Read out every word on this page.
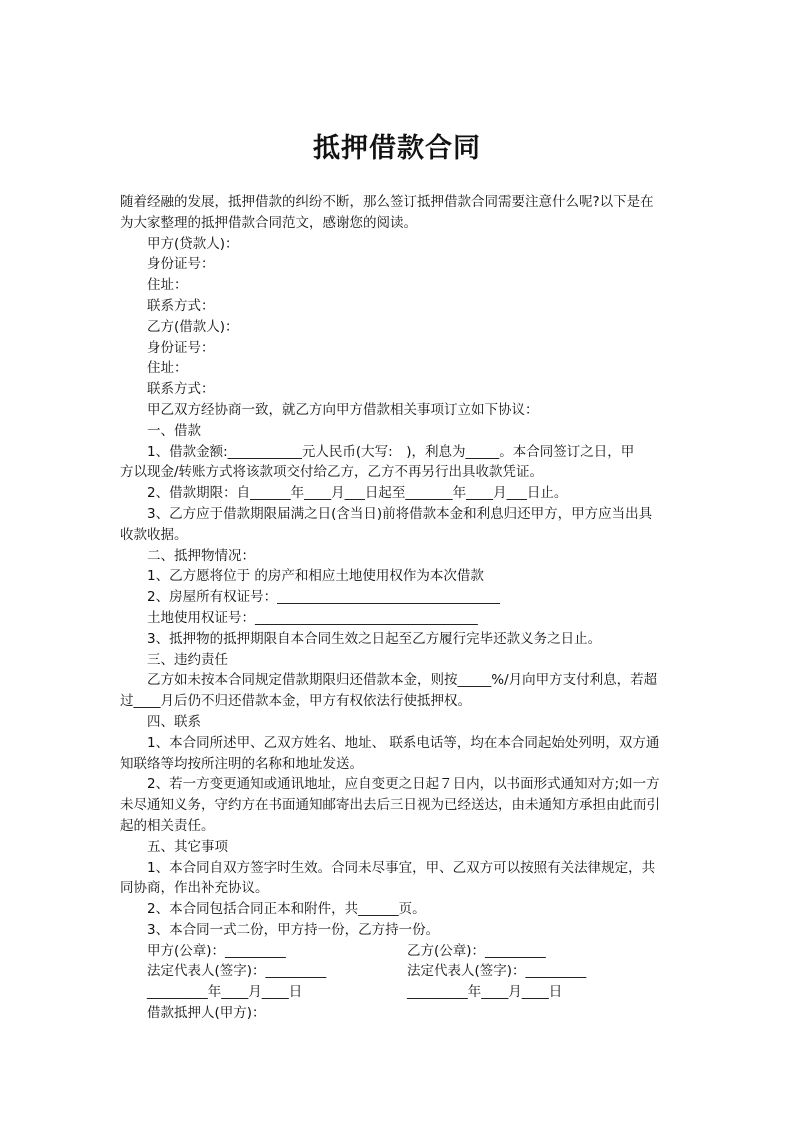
抵押借款合同

随着经融的发展，抵押借款的纠纷不断，那么签订抵押借款合同需要注意什么呢?以下是在

为大家整理的抵押借款合同范文，感谢您的阅读。

甲方(贷款人)：

身份证号：

住址：

联系方式：

乙方(借款人)：

身份证号：

住址：

联系方式：

甲乙双方经协商一致，就乙方向甲方借款相关事项订立如下协议：

一、借款

1、借款金额:___________元人民币(大写:　)，利息为_____。本合同签订之日，甲

方以现金/转账方式将该款项交付给乙方，乙方不再另行出具收款凭证。

2、借款期限：自______年____月___日起至_______年____月___日止。

3、乙方应于借款期限届满之日(含当日)前将借款本金和利息归还甲方，甲方应当出具

收款收据。

二、抵押物情况：

1、乙方愿将位于 的房产和相应土地使用权作为本次借款

2、房屋所有权证号：_________________________________

土地使用权证号：_________________________________

3、抵押物的抵押期限自本合同生效之日起至乙方履行完毕还款义务之日止。

三、违约责任

乙方如未按本合同规定借款期限归还借款本金，则按_____%/月向甲方支付利息，若超

过____月后仍不归还借款本金，甲方有权依法行使抵押权。

四、联系

1、本合同所述甲、乙双方姓名、地址、 联系电话等，均在本合同起始处列明，双方通

知联络等均按所注明的名称和地址发送。

2、若一方变更通知或通讯地址，应自变更之日起７日内，以书面形式通知对方;如一方

未尽通知义务，守约方在书面通知邮寄出去后三日视为已经送达，由未通知方承担由此而引

起的相关责任。

五、其它事项

1、本合同自双方签字时生效。合同未尽事宜，甲、乙双方可以按照有关法律规定，共

同协商，作出补充协议。

2、本合同包括合同正本和附件，共______页。

3、本合同一式二份，甲方持一份，乙方持一份。

甲方(公章)：_________	乙方(公章)：_________
法定代表人(签字)：_________	法定代表人(签字)：_________
_________年____月____日	_________年____月____日

借款抵押人(甲方)：
